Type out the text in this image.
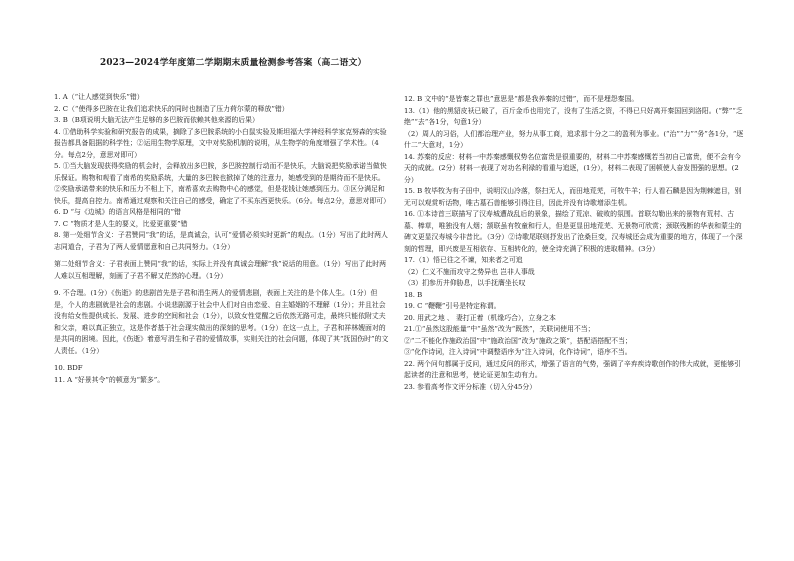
2023—2024学年度第二学期期末质量检测参考答案（高二语文）

1. A（“让人感觉到快乐”错）

2. C（“使得多巴胺在让我们追求快乐的同时也制造了压力荷尔蒙的释放”错）

3. B（B项说明大脑无法产生足够的多巴胺而依赖其他来源的后果）

4. ①借助科学实验和研究报告的成果，摘除了多巴胺系统的小白鼠实验及斯坦福大学神经科学家克努森的实验报告都具备阻据的科学性；②运用生物学原理，文中对奖励机制的说明，从生物学的角度增强了学术性。（4分。每点2分，意思对即可）

5. ①当大脑发现获得奖励的机会时，会释放出多巴胺，多巴胺控制行动而不是快乐，大脑说把奖励承诺当做快乐保证。购物和观看了南希的奖励系统，大量的多巴胺也掀掉了她的注意力，她感受到的是期待而不是快乐。②奖励承诺带来的快乐和压力不相上下，南希喜欢去购物中心的感觉，但是花钱让她感到压力。③区分满足和快乐，提高自控力。南希通过观察和关注自己的感受，确定了不买东西更快乐。（6分。每点2分，意思对即可）

6. D “与《边城》的语言风格是相同的”错

7. C “物质才是人生的要义，比爱更重要”错

8. 第一处细节含义：子君赞同“我”的话，是真诚会，认可“爱情必须实时更新”的观点。（1分）写出了此时两人志同道合，子君为了两人爱情愿意和自己共同努力。（1分）

第二处细节含义：子君表面上赞同“我”的话，实际上并没有真诚会理解“我”说话的用意。（1分）写出了此时两人难以互相理解，刻画了子君不解又茫然的心理。（1分）

9. 不合理。(1分）《伤逝》的悲剧首先是子君和涓生两人的爱情悲剧，表面上关注的是个体人生。（1分）但是，个人的悲剧就是社会的悲剧。小说悲剧源于社会中人们对自由恋爱、自主婚姻的不理解（1分）；并且社会没有给女性提供成长、发展、进步的空间和社会（1分），以致女性觉醒之后依然无路可走，最终只能依附丈夫和父亲，难以真正独立，这是作者基于社会现实做出的深刻的思考。（1分）在这一点上，子君和祥林嫂面对的是共同的困境。因此，《伤逝》着意写涓生和子君的爱情故事，实则关注的社会问题，体现了其“抚国伤时”的文人责任。（1分）

10. BDF

11. A “好景其令”的顿意为“繁多”。

12. B 文中的“是皆秦之罪也”意思是“都是我养秦的过错”，而不是埋怨秦国。

13.（1）他的黑貂皮袄已破了，百斤金币也用完了，没有了生活之资，不得已只好离开秦国回到洛阳。(“弊”“乏绝”“去”各1分，句意1分）

（2）周人的习俗，人们都治理产业，努力从事工商，追求那十分之二的盈利为事业。(“治”“力”“务”各1分，“逐什二”大意对，1分）

14. 苏秦的反应：材料一中苏秦感慨权势名位富贵是很重要的，材料二中苏秦感慨若当初自己富贵，便不会有今天的成就。(2分）材料一表现了对功名利禄的看重与追逐，(1分），材料二表现了困顿使人奋发图强的思想。(2分）

15. B 牧毕牧为有子田中，说明汉山冷落，祭扫无人，而田地荒芜，可牧牛羊；行人看石麟是因为荆棘遮目，别无可以观赏听话物，唯古墓石兽能够引得注目，因此并没有诗歌增添生机。

16. ①本诗首三联描写了汉寿城遭战乱后的景象，描绘了荒凉、破败的氛围。首联勾勒出来的景物有荒村、古墓、棒草，唯独没有人烟；颔联虽有牧童和行人，但是更显田地荒芜、无景物可欣赏；颈联残断的华表和蒙尘的碑文更显汉寿城今非昔比。（3分）②诗歌尾联则抒发出了沧桑巨变，汉寿城还会成为重要的地方，体现了一个深刻的哲理，即兴废是互相依存、互相转化的，使全诗充满了积极的进取精神。(3分）

17.（1）悟已往之不谏，知来者之可追

（2）仁义不施而攻守之势异也 岂非人事哉

（3）扪参历井仰胁息，以手抚膺坐长叹

18. B

19. C “鞭鞭”引号是特定称谓。

20. 用武之地 、 妻打正着（机缘巧合），立身之本

21.①“虽然这股能量”中“虽然”改为“既然”，关联词使用不当；

②“二不能化作施政治国”中“施政治国”改为“施政之策”，搭配语搭配不当；

③“化作诗词，注入诗词”中调整语序为“注入诗词，化作诗词”，语序不当。

22. 两个问句都属于反问，通过反问的形式，增强了语言的气势，强调了辛弃疾诗歌创作的伟大成就，更能够引起读者的注意和思考，使论证更加生动有力。

23. 参看高考作文评分标准（切入分45分）
